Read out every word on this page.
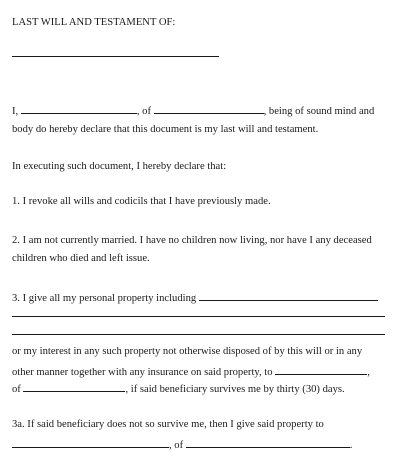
LAST WILL AND TESTAMENT OF:
I,	, of	, being of sound mind and
body do hereby declare that this document is my last will and testament.
In executing such document, I hereby declare that:
1. I revoke all wills and codicils that I have previously made.
2. I am not currently married. I have no children now living, nor have I any deceased
children who died and left issue.
3. I give all my personal property including
or my interest in any such property not otherwise disposed of by this will or in any
other manner together with any insurance on said property, to	,
of	, if said beneficiary survives me by thirty (30) days.
3a. If said beneficiary does not so survive me, then I give said property to
, of	.
